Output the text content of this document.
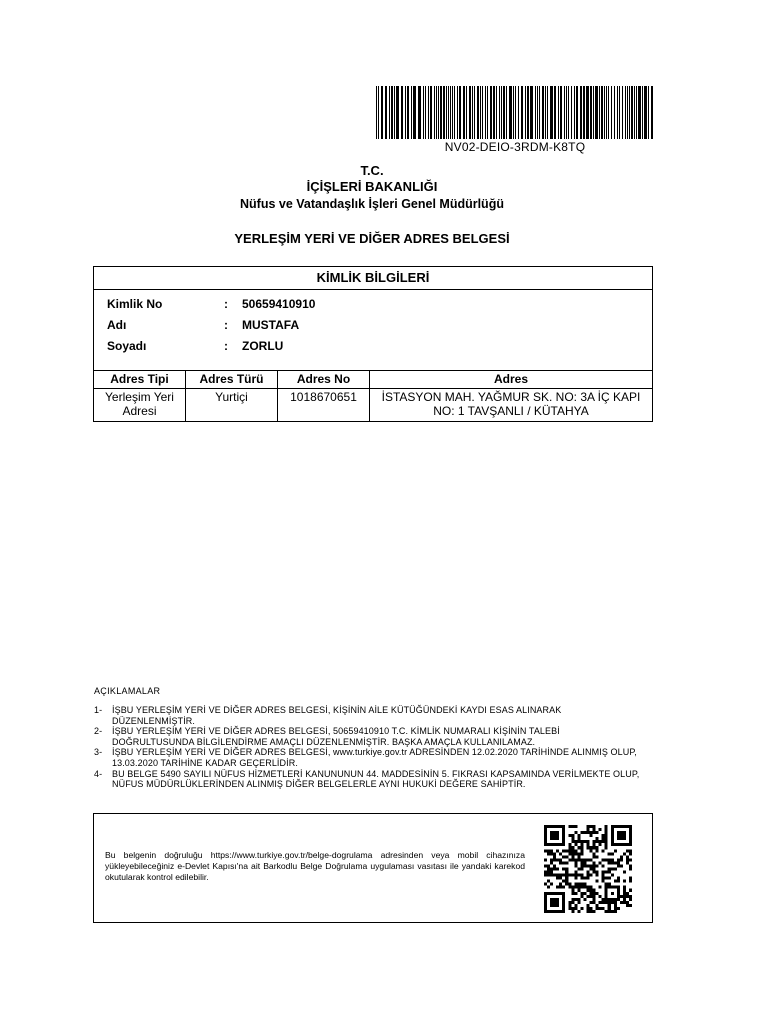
NV02-DEIO-3RDM-K8TQ
T.C.
İÇİŞLERİ BAKANLIĞI
Nüfus ve Vatandaşlık İşleri Genel Müdürlüğü
YERLEŞİM YERİ VE DİĞER ADRES BELGESİ
KİMLİK BİLGİLERİ
Kimlik No	: 50659410910
Adı	: MUSTAFA
Soyadı	: ZORLU
Adres Tipi	Adres Türü	Adres No	Adres
Yerleşim Yeri Adresi	Yurtiçi	1018670651	İSTASYON MAH. YAĞMUR SK. NO: 3A İÇ KAPI NO: 1 TAVŞANLI / KÜTAHYA
AÇIKLAMALAR
1- İŞBU YERLEŞİM YERİ VE DİĞER ADRES BELGESİ, KİŞİNİN AİLE KÜTÜĞÜNDEKİ KAYDI ESAS ALINARAK DÜZENLENMİŞTİR.
2- İŞBU YERLEŞİM YERİ VE DİĞER ADRES BELGESİ, 50659410910 T.C. KİMLİK NUMARALI KİŞİNİN TALEBİ DOĞRULTUSUNDA BİLGİLENDİRME AMAÇLI DÜZENLENMİŞTİR. BAŞKA AMAÇLA KULLANILAMAZ.
3- İŞBU YERLEŞİM YERİ VE DİĞER ADRES BELGESİ, www.turkiye.gov.tr ADRESİNDEN 12.02.2020 TARİHİNDE ALINMIŞ OLUP, 13.03.2020 TARİHİNE KADAR GEÇERLİDİR.
4- BU BELGE 5490 SAYILI NÜFUS HİZMETLERİ KANUNUNUN 44. MADDESİNİN 5. FIKRASI KAPSAMINDA VERİLMEKTE OLUP, NÜFUS MÜDÜRLÜKLERİNDEN ALINMIŞ DİĞER BELGELERLE AYNI HUKUKİ DEĞERE SAHİPTİR.
Bu belgenin doğruluğu https://www.turkiye.gov.tr/belge-dogrulama adresinden veya mobil cihazınıza yükleyebileceğiniz e-Devlet Kapısı'na ait Barkodlu Belge Doğrulama uygulaması vasıtası ile yandaki karekod okutularak kontrol edilebilir.
